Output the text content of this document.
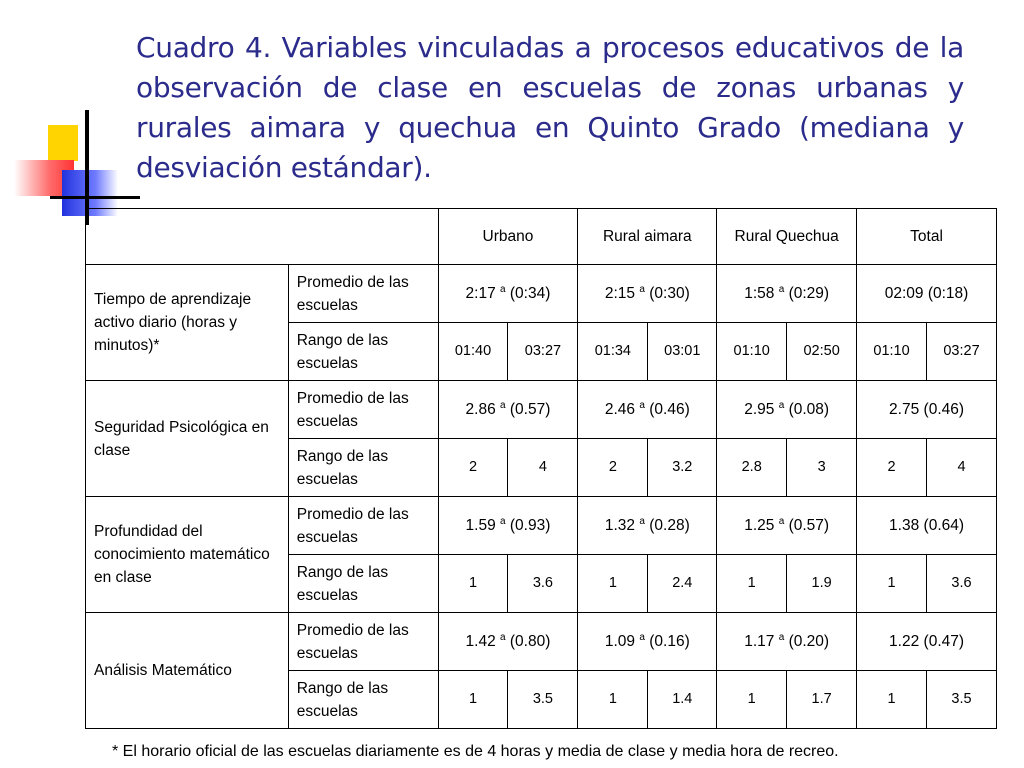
Cuadro 4. Variables vinculadas a procesos educativos de la observación de clase en escuelas de zonas urbanas y rurales aimara y quechua en Quinto Grado (mediana y desviación estándar).
		Urbano		Rural aimara		Rural Quechua		Total	
Tiempo de aprendizaje activo diario (horas y minutos)*	Promedio de las escuelas	2:17 $^a$ (0:34)		2:15 $^a$ (0:30)		1:58 $^a$ (0:29)		02:09 (0:18)	
	Rango de las escuelas	01:40	03:27	01:34	03:01	01:10	02:50	01:10	03:27
Seguridad Psicológica en clase	Promedio de las escuelas	2.86 $^a$ (0.57)		2.46 $^a$ (0.46)		2.95 $^a$ (0.08)		2.75 (0.46)	
	Rango de las escuelas	2	4	2	3.2	2.8	3	2	4
Profundidad del conocimiento matemático en clase	Promedio de las escuelas	1.59 $^a$ (0.93)		1.32 $^a$ (0.28)		1.25 $^a$ (0.57)		1.38 (0.64)	
	Rango de las escuelas	1	3.6	1	2.4	1	1.9	1	3.6
Análisis Matemático	Promedio de las escuelas	1.42 $^a$ (0.80)		1.09 $^a$ (0.16)		1.17 $^a$ (0.20)		1.22 (0.47)	
	Rango de las escuelas	1	3.5	1	1.4	1	1.7	1	3.5

* El horario oficial de las escuelas diariamente es de 4 horas y media de clase y media hora de recreo.
